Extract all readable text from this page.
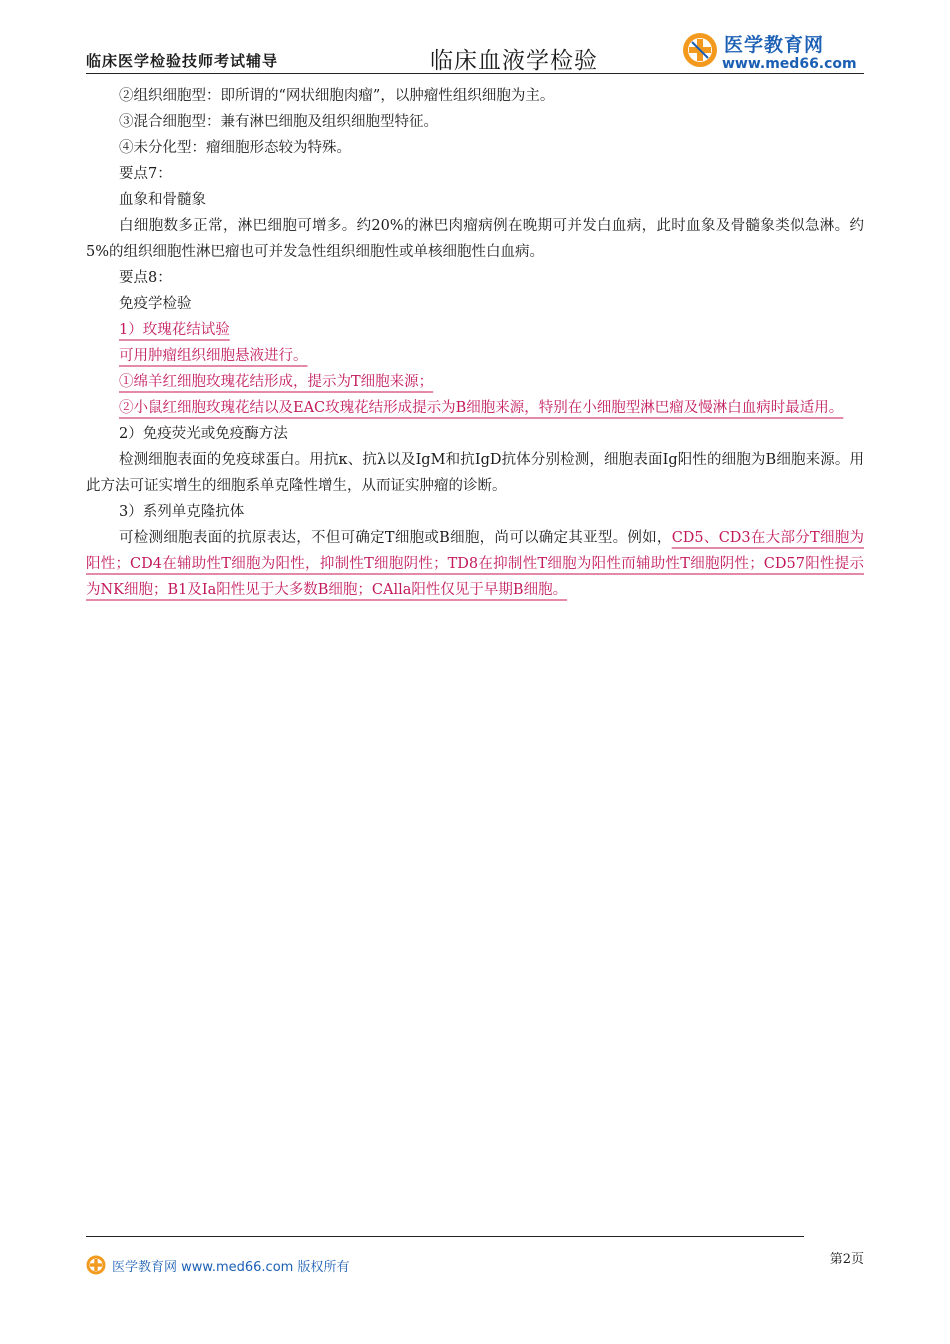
临床医学检验技师考试辅导	临床血液学检验
医学教育网
www.med66.com
②组织细胞型：即所谓的“网状细胞肉瘤”，以肿瘤性组织细胞为主。
③混合细胞型：兼有淋巴细胞及组织细胞型特征。
④未分化型：瘤细胞形态较为特殊。
要点7：
血象和骨髓象
白细胞数多正常，淋巴细胞可增多。约20%的淋巴肉瘤病例在晚期可并发白血病，此时血象及骨髓象类似急淋。约5%的组织细胞性淋巴瘤也可并发急性组织细胞性或单核细胞性白血病。
要点8：
免疫学检验
1）玫瑰花结试验
可用肿瘤组织细胞悬液进行。
①绵羊红细胞玫瑰花结形成，提示为T细胞来源；
②小鼠红细胞玫瑰花结以及EAC玫瑰花结形成提示为B细胞来源，特别在小细胞型淋巴瘤及慢淋白血病时最适用。
2）免疫荧光或免疫酶方法
检测细胞表面的免疫球蛋白。用抗κ、抗λ以及IgM和抗IgD抗体分别检测，细胞表面Ig阳性的细胞为B细胞来源。用此方法可证实增生的细胞系单克隆性增生，从而证实肿瘤的诊断。
3）系列单克隆抗体
可检测细胞表面的抗原表达，不但可确定T细胞或B细胞，尚可以确定其亚型。例如，CD5、CD3在大部分T细胞为阳性；CD4在辅助性T细胞为阳性，抑制性T细胞阴性；TD8在抑制性T细胞为阳性而辅助性T细胞阴性；CD57阳性提示为NK细胞；B1及Ⅰa阳性见于大多数B细胞；CAlla阳性仅见于早期B细胞。
医学教育网 www.med66.com 版权所有
第2页
